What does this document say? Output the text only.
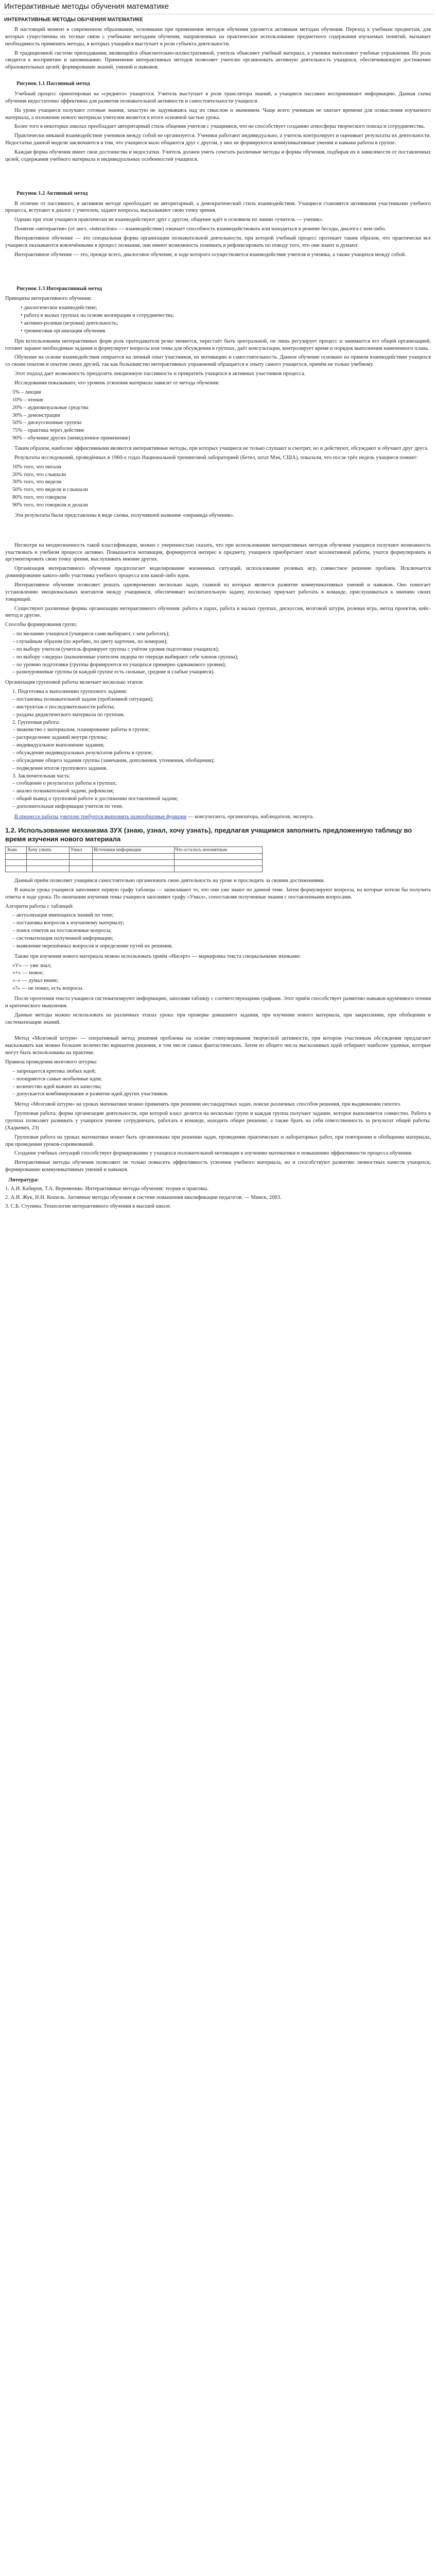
Интерактивные методы обучения математике
ИНТЕРАКТИВНЫЕ МЕТОДЫ ОБУЧЕНИЯ МАТЕМАТИКЕ

В настоящий момент в современном образовании, основными при применении методов обучения уделяется активным методам обучения. Переход к учебным предметам, для которых существенны их тесные связи с учебными методами обучения, направленных на практическое использование предметного содержания изучаемых понятий, вызывает необходимость применять методы, в которых учащийся выступает в роли субъекта деятельности.

В традиционной системе преподавания, являющейся объяснительно-иллюстративной, учитель объясняет учебный материал, а ученики выполняют учебные упражнения. Их роль сводится к восприятию и запоминанию. Применение интерактивных методов позволяет учителю организовать активную деятельность учащихся, обеспечивающую достижение образовательных целей: формирование знаний, умений и навыков.

Рисунок 1.1 Пассивный метод

Учебный процесс ориентирован на «среднего» учащегося. Учитель выступает в роли транслятора знаний, а учащиеся пассивно воспринимают информацию. Данная схема обучения недостаточно эффективна для развития познавательной активности и самостоятельности учащихся.

На уроке учащиеся получают готовые знания, зачастую не задумываясь над их смыслом и значением. Чаще всего ученикам не хватает времени для осмысления изучаемого материала, а изложение нового материала учителем является в итоге основной частью урока.

Более того в некоторых школах преобладает авторитарный стиль общения учителя с учащимися, что не способствует созданию атмосферы творческого поиска и сотрудничества.

Практически никакой взаимодействие учеников между собой не организуется. Ученики работают индивидуально, а учитель контролирует и оценивает результаты их деятельности. Недостатки данной модели заключаются в том, что учащиеся мало общаются друг с другом, у них не формируются коммуникативные умения и навыки работы в группе.

Каждая форма обучения имеет свои достоинства и недостатки. Учитель должен уметь сочетать различные методы и формы обучения, подбирая их в зависимости от поставленных целей, содержания учебного материала и индивидуальных особенностей учащихся.

Рисунок 1.2 Активный метод

В отличие от пассивного, в активном методе преобладает не авторитарный, а демократический стиль взаимодействия. Учащиеся становятся активными участниками учебного процесса, вступают в диалог с учителем, задают вопросы, высказывают свою точку зрения.

Однако при этом учащиеся практически не взаимодействуют друг с другом, общение идёт в основном по линии «учитель — ученик».

Понятие «интерактив» (от англ. «interaction» — взаимодействие) означает способность взаимодействовать или находиться в режиме беседы, диалога с кем-либо.

Интерактивное обучение — это специальная форма организации познавательной деятельности, при которой учебный процесс протекает таким образом, что практически все учащиеся оказываются вовлечёнными в процесс познания, они имеют возможность понимать и рефлексировать по поводу того, что они знают и думают.

Интерактивное обучение — это, прежде всего, диалоговое обучение, в ходе которого осуществляется взаимодействие учителя и ученика, а также учащихся между собой.

Рисунок 1.3 Интерактивный метод

Принципы интерактивного обучения:

• диалогическое взаимодействие;
• работа в малых группах на основе кооперации и сотрудничества;
• активно-ролевая (игровая) деятельность;
• тренинговая организация обучения.

При использовании интерактивных форм роль преподавателя резко меняется, перестаёт быть центральной, он лишь регулирует процесс и занимается его общей организацией, готовит заранее необходимые задания и формулирует вопросы или темы для обсуждения в группах, даёт консультации, контролирует время и порядок выполнения намеченного плана.

Обучение на основе взаимодействия опирается на личный опыт участников, их мотивацию и самостоятельность. Данное обучение основано на прямом взаимодействии учащихся со своим опытом и опытом своих друзей, так как большинство интерактивных упражнений обращается к опыту самого учащегося, причём не только учебному.

Этот подход дает возможность преодолеть лекционную пассивность и превратить учащихся в активных участников процесса.

Исследования показывают, что уровень усвоения материала зависит от метода обучения:

5% – лекция
10% – чтение
20% – аудиовизуальные средства
30% – демонстрация
50% – дискуссионные группы
75% – практика через действие
90% – обучение других (немедленное применение)

Таким образом, наиболее эффективными являются интерактивные методы, при которых учащиеся не только слушают и смотрят, но и действуют, обсуждают и обучают друг друга.

Результаты исследований, проведённых в 1960-х годах Национальной тренинговой лабораторией (Бетел, штат Мэн, США), показали, что после трёх недель учащиеся помнят:

10% того, что читали
20% того, что слышали
30% того, что видели
50% того, что видели и слышали
80% того, что говорили
90% того, что говорили и делали

Эти результаты были представлены в виде схемы, получившей название «пирамида обучения».

Несмотря на неоднозначность такой классификации, можно с уверенностью сказать, что при использовании интерактивных методов обучения учащиеся получают возможность участвовать в учебном процессе активно. Повышается мотивация, формируется интерес к предмету, учащиеся приобретают опыт коллективной работы, учатся формулировать и аргументировать свою точку зрения, выслушивать мнение других.

Организация интерактивного обучения предполагает моделирование жизненных ситуаций, использование ролевых игр, совместное решение проблем. Исключается доминирование какого-либо участника учебного процесса или какой-либо идеи.

Интерактивное обучение позволяет решать одновременно несколько задач, главной из которых является развитие коммуникативных умений и навыков. Оно помогает установлению эмоциональных контактов между учащимися, обеспечивает воспитательную задачу, поскольку приучает работать в команде, прислушиваться к мнению своих товарищей.

Существуют различные формы организации интерактивного обучения: работа в парах, работа в малых группах, дискуссия, мозговой штурм, ролевая игра, метод проектов, кейс-метод и другие.

Способы формирования групп:

– по желанию учащихся (учащиеся сами выбирают, с кем работать);
– случайным образом (по жребию, по цвету карточек, по номерам);
– по выбору учителя (учитель формирует группы с учётом уровня подготовки учащихся);
– по выбору «лидера» (назначенные учителем лидеры по очереди выбирают себе членов группы);
– по уровню подготовки (группы формируются из учащихся примерно одинакового уровня);
– разноуровневые группы (в каждой группе есть сильные, средние и слабые учащиеся).

Организация групповой работы включает несколько этапов:

1. Подготовка к выполнению группового задания:
– постановка познавательной задачи (проблемной ситуации);
– инструктаж о последовательности работы;
– раздача дидактического материала по группам.
2. Групповая работа:
– знакомство с материалом, планирование работы в группе;
– распределение заданий внутри группы;
– индивидуальное выполнение задания;
– обсуждение индивидуальных результатов работы в группе;
– обсуждение общего задания группы (замечания, дополнения, уточнения, обобщения);
– подведение итогов группового задания.
3. Заключительная часть:
– сообщение о результатах работы в группах;
– анализ познавательной задачи, рефлексия;
– общий вывод о групповой работе и достижении поставленной задачи;
– дополнительная информация учителя по теме.

В процессе работы учителю требуется выполнять разнообразные функции — консультанта, организатора, наблюдателя, эксперта.

1.2. Использование механизма ЗУХ (знаю, узнал, хочу узнать), предлагая учащимся заполнить предложенную таблицу во время изучения нового материала
Знаю	Хочу узнать	Узнал	Источники информации	Что осталось непонятным

Данный приём позволяет учащимся самостоятельно организовать свою деятельность на уроке и проследить за своими достижениями.

В начале урока учащиеся заполняют первую графу таблицы — записывают то, что они уже знают по данной теме. Затем формулируют вопросы, на которые хотели бы получить ответы в ходе урока. По окончании изучения темы учащиеся заполняют графу «Узнал», сопоставляя полученные знания с поставленными вопросами.

Алгоритм работы с таблицей:

– актуализация имеющихся знаний по теме;
– постановка вопросов к изучаемому материалу;
– поиск ответов на поставленные вопросы;
– систематизация полученной информации;
– выявление нерешённых вопросов и определение путей их решения.

Также при изучении нового материала можно использовать приём «Инсерт» — маркировка текста специальными значками:

«V» — уже знал;
«+» — новое;
«–» — думал иначе;
«?» — не понял, есть вопросы.

После прочтения текста учащиеся систематизируют информацию, заполняя таблицу с соответствующими графами. Этот приём способствует развитию навыков вдумчивого чтения и критического мышления.

Данные методы можно использовать на различных этапах урока: при проверке домашнего задания, при изучении нового материала, при закреплении, при обобщении и систематизации знаний.

Метод «Мозговой штурм» — оперативный метод решения проблемы на основе стимулирования творческой активности, при котором участникам обсуждения предлагают высказывать как можно большее количество вариантов решения, в том числе самых фантастических. Затем из общего числа высказанных идей отбирают наиболее удачные, которые могут быть использованы на практике.

Правила проведения мозгового штурма:

– запрещается критика любых идей;
– поощряются самые необычные идеи;
– количество идей важнее их качества;
– допускается комбинирование и развитие идей других участников.

Метод «Мозговой штурм» на уроках математики можно применять при решении нестандартных задач, поиске различных способов решения, при выдвижении гипотез.

Групповая работа: форма организации деятельности, при которой класс делится на несколько групп и каждая группа получает задание, которое выполняется совместно. Работа в группах позволяет развивать у учащихся умение сотрудничать, работать в команде, находить общее решение, а также брать на себя ответственность за результат общей работы. (Хадкевич, 23)

Групповая работа на уроках математики может быть организована при решении задач, проведении практических и лабораторных работ, при повторении и обобщении материала, при проведении уроков-соревнований.

Создание учебных ситуаций способствует формированию у учащихся положительной мотивации к изучению математики и повышению эффективности процесса обучения.

Интерактивные методы обучения позволяют не только повысить эффективность усвоения учебного материала, но и способствуют развитию личностных качеств учащихся, формированию коммуникативных умений и навыков.

Литература:
1. А.И. Кабиров, Т.А. Веремеенко. Интерактивные методы обучения: теория и практика.
2. А.И. Жук, Н.Н. Кошель. Активные методы обучения в системе повышения квалификации педагогов. — Минск, 2003.
3. С.Б. Ступина. Технологии интерактивного обучения в высшей школе.
